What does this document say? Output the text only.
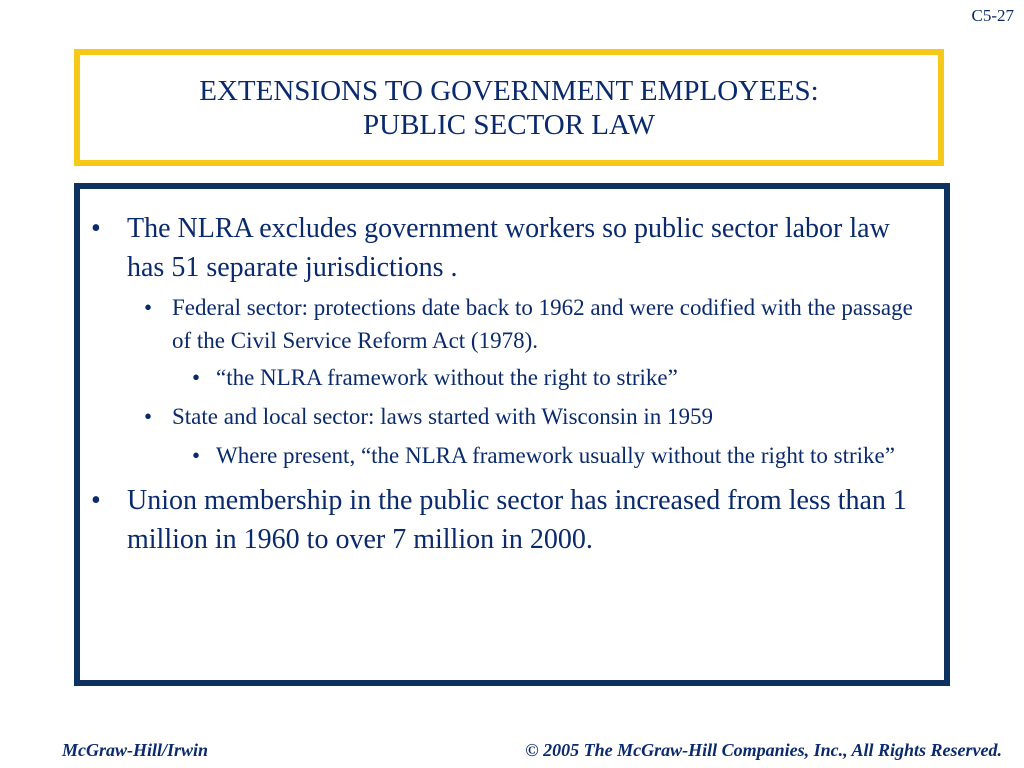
C5-27
EXTENSIONS TO GOVERNMENT EMPLOYEES:
PUBLIC SECTOR LAW
• The NLRA excludes government workers so public sector labor law has 51 separate jurisdictions .
• Federal sector: protections date back to 1962 and were codified with the passage of the Civil Service Reform Act (1978).
• “the NLRA framework without the right to strike”
• State and local sector: laws started with Wisconsin in 1959
• Where present, “the NLRA framework usually without the right to strike”
• Union membership in the public sector has increased from less than 1 million in 1960 to over 7 million in 2000.
McGraw-Hill/Irwin	© 2005 The McGraw-Hill Companies, Inc., All Rights Reserved.
